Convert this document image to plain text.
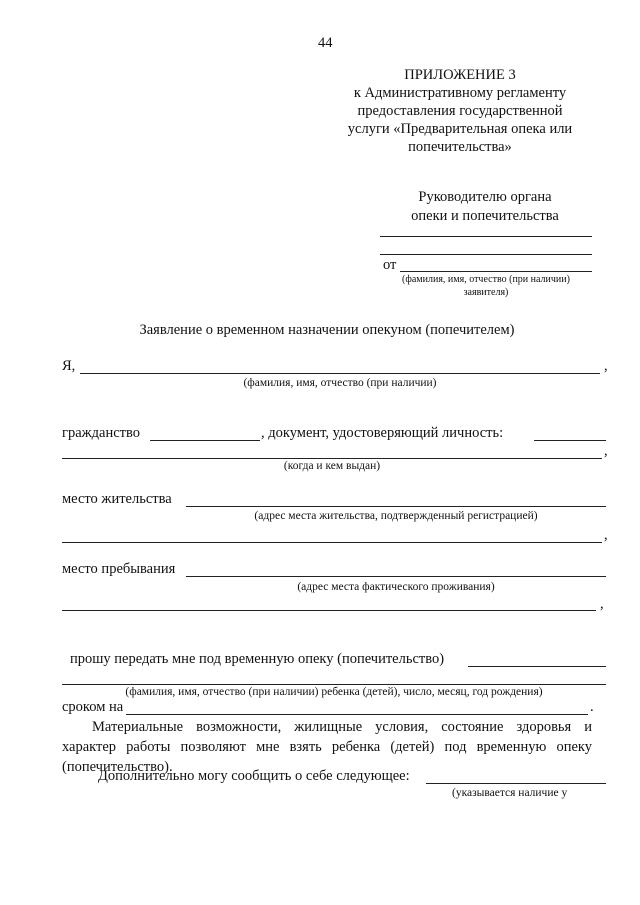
44
ПРИЛОЖЕНИЕ 3
к Административному регламенту
предоставления государственной
услуги «Предварительная опека или
попечительства»
Руководителю органа
опеки и попечительства
от
(фамилия, имя, отчество (при наличии)
заявителя)
Заявление о временном назначении опекуном (попечителем)
Я,	,
(фамилия, имя, отчество (при наличии)
гражданство	, документ, удостоверяющий личность:
,
(когда и кем выдан)
место жительства
(адрес места жительства, подтвержденный регистрацией)
,
место пребывания
(адрес места фактического проживания)
,
прошу передать мне под временную опеку (попечительство)
(фамилия, имя, отчество (при наличии) ребенка (детей), число, месяц, год рождения)
сроком на	.
Материальные возможности, жилищные условия, состояние здоровья и характер работы позволяют мне взять ребенка (детей) под временную опеку (попечительство).
Дополнительно могу сообщить о себе следующее:
(указывается наличие у
